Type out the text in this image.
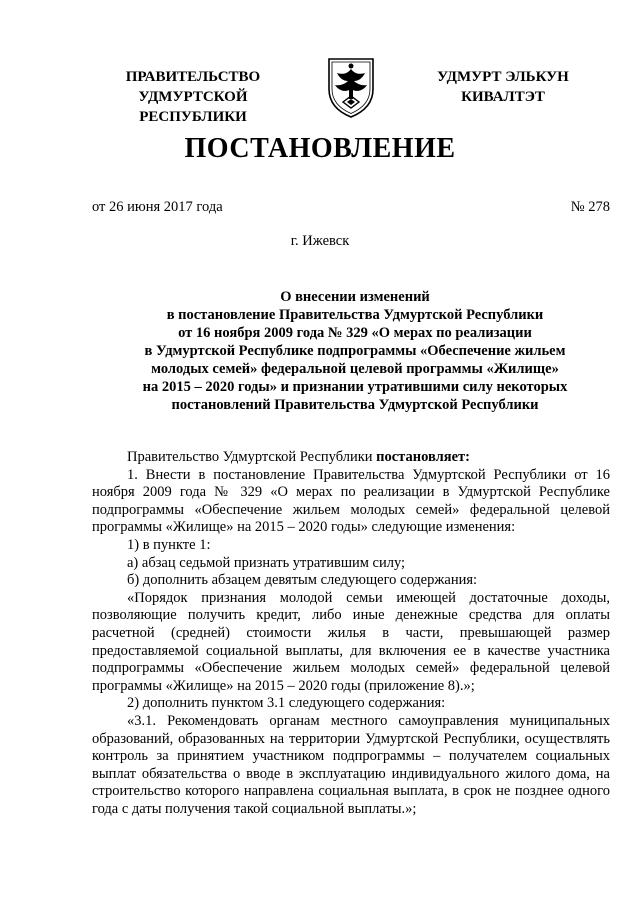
ПРАВИТЕЛЬСТВО
УДМУРТСКОЙ РЕСПУБЛИКИ
УДМУРТ ЭЛЬКУН
КИВАЛТЭТ
ПОСТАНОВЛЕНИЕ
от 26 июня 2017 года	№ 278
г. Ижевск
О внесении изменений
в постановление Правительства Удмуртской Республики
от 16 ноября 2009 года № 329 «О мерах по реализации
в Удмуртской Республике подпрограммы «Обеспечение жильем
молодых семей» федеральной целевой программы «Жилище»
на 2015 – 2020 годы» и признании утратившими силу некоторых
постановлений Правительства Удмуртской Республики

Правительство Удмуртской Республики постановляет:

1. Внести в постановление Правительства Удмуртской Республики от 16 ноября 2009 года № 329 «О мерах по реализации в Удмуртской Республике подпрограммы «Обеспечение жильем молодых семей» федеральной целевой программы «Жилище» на 2015 – 2020 годы» следующие изменения:

1) в пункте 1:

а) абзац седьмой признать утратившим силу;

б) дополнить абзацем девятым следующего содержания:

«Порядок признания молодой семьи имеющей достаточные доходы, позволяющие получить кредит, либо иные денежные средства для оплаты расчетной (средней) стоимости жилья в части, превышающей размер предоставляемой социальной выплаты, для включения ее в качестве участника подпрограммы «Обеспечение жильем молодых семей» федеральной целевой программы «Жилище» на 2015 – 2020 годы (приложение 8).»;

2) дополнить пунктом 3.1 следующего содержания:

«3.1. Рекомендовать органам местного самоуправления муниципальных образований, образованных на территории Удмуртской Республики, осуществлять контроль за принятием участником подпрограммы – получателем социальных выплат обязательства о вводе в эксплуатацию индивидуального жилого дома, на строительство которого направлена социальная выплата, в срок не позднее одного года с даты получения такой социальной выплаты.»;
